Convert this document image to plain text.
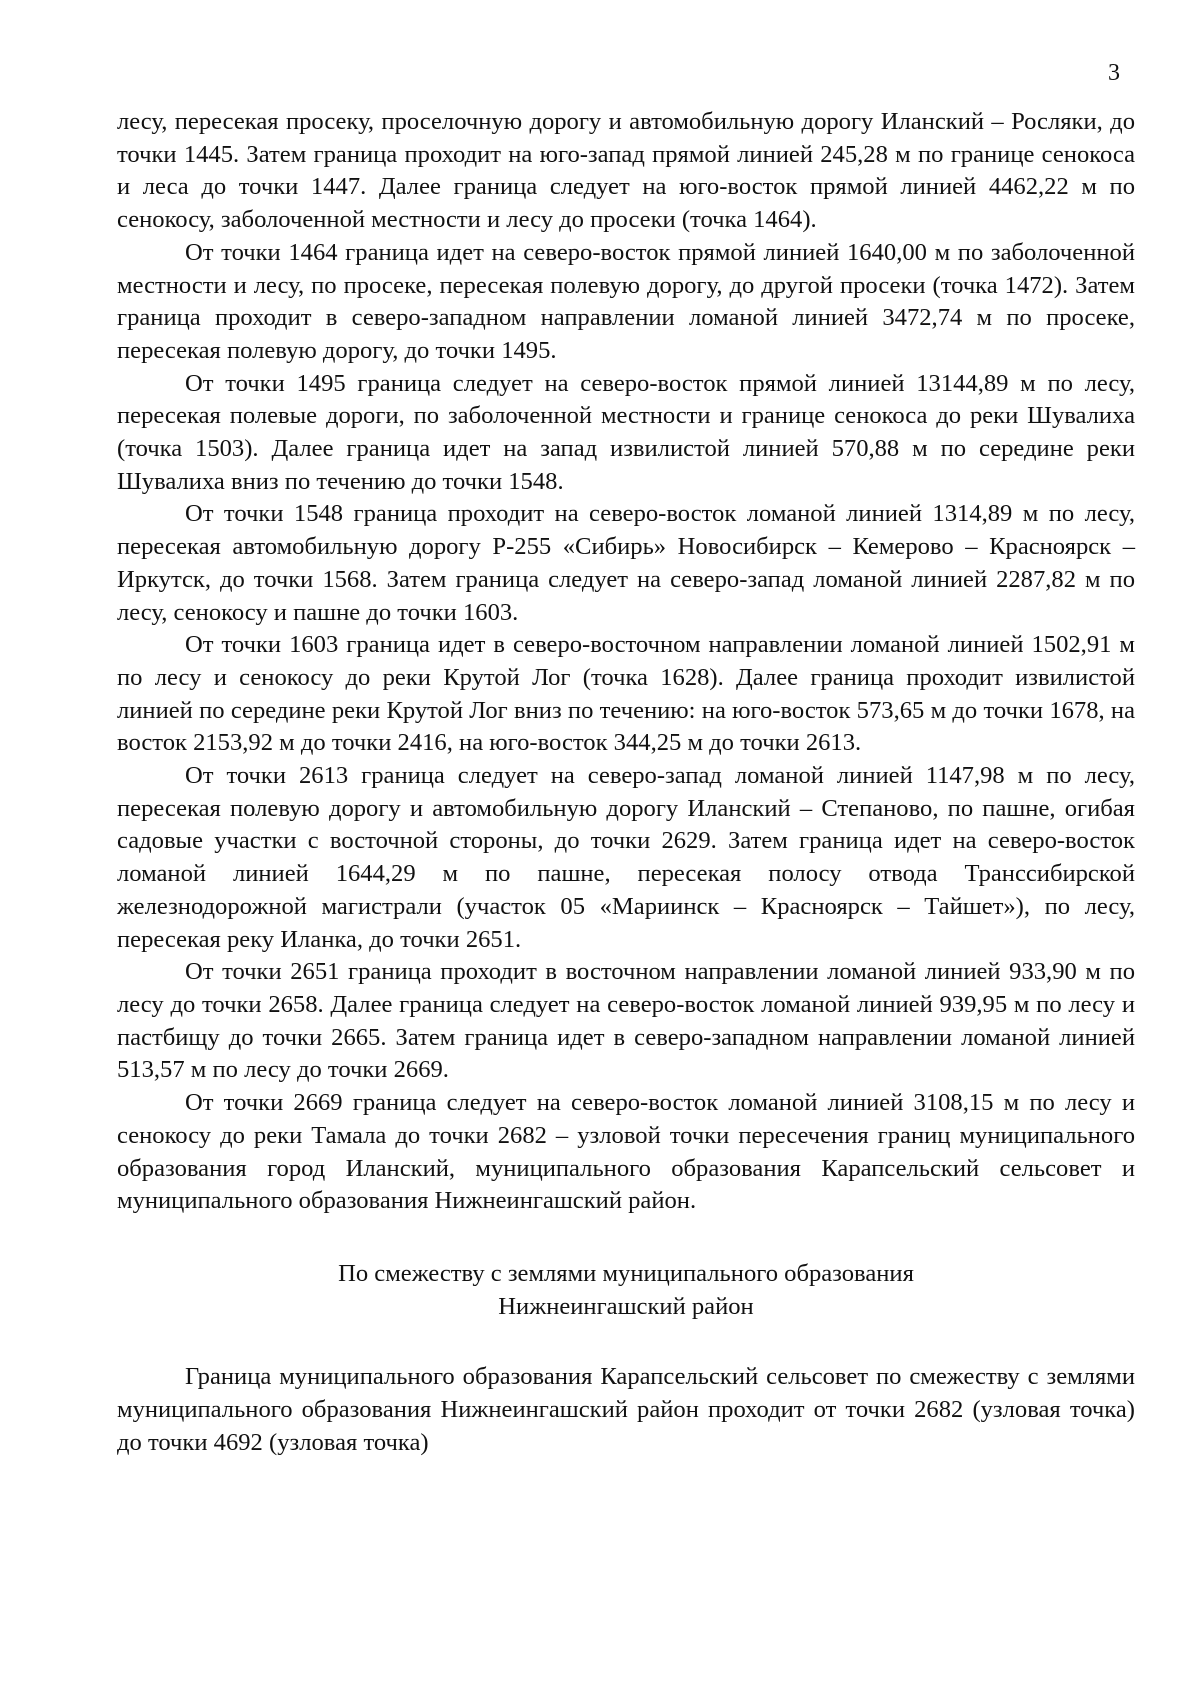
3

лесу, пересекая просеку, проселочную дорогу и автомобильную дорогу Иланский – Росляки, до точки 1445. Затем граница проходит на юго-запад прямой линией 245,28 м по границе сенокоса и леса до точки 1447. Далее граница следует на юго-восток прямой линией 4462,22 м по сенокосу, заболоченной местности и лесу до просеки (точка 1464).

От точки 1464 граница идет на северо-восток прямой линией 1640,00 м по заболоченной местности и лесу, по просеке, пересекая полевую дорогу, до другой просеки (точка 1472). Затем граница проходит в северо-западном направлении ломаной линией 3472,74 м по просеке, пересекая полевую дорогу, до точки 1495.

От точки 1495 граница следует на северо-восток прямой линией 13144,89 м по лесу, пересекая полевые дороги, по заболоченной местности и границе сенокоса до реки Шувалиха (точка 1503). Далее граница идет на запад извилистой линией 570,88 м по середине реки Шувалиха вниз по течению до точки 1548.

От точки 1548 граница проходит на северо-восток ломаной линией 1314,89 м по лесу, пересекая автомобильную дорогу Р-255 «Сибирь» Новосибирск – Кемерово – Красноярск – Иркутск, до точки 1568. Затем граница следует на северо-запад ломаной линией 2287,82 м по лесу, сенокосу и пашне до точки 1603.

От точки 1603 граница идет в северо-восточном направлении ломаной линией 1502,91 м по лесу и сенокосу до реки Крутой Лог (точка 1628). Далее граница проходит извилистой линией по середине реки Крутой Лог вниз по течению: на юго-восток 573,65 м до точки 1678, на восток 2153,92 м до точки 2416, на юго-восток 344,25 м до точки 2613.

От точки 2613 граница следует на северо-запад ломаной линией 1147,98 м по лесу, пересекая полевую дорогу и автомобильную дорогу Иланский – Степаново, по пашне, огибая садовые участки с восточной стороны, до точки 2629. Затем граница идет на северо-восток ломаной линией 1644,29 м по пашне, пересекая полосу отвода Транссибирской железнодорожной магистрали (участок 05 «Мариинск – Красноярск – Тайшет»), по лесу, пересекая реку Иланка, до точки 2651.

От точки 2651 граница проходит в восточном направлении ломаной линией 933,90 м по лесу до точки 2658. Далее граница следует на северо-восток ломаной линией 939,95 м по лесу и пастбищу до точки 2665. Затем граница идет в северо-западном направлении ломаной линией 513,57 м по лесу до точки 2669.

От точки 2669 граница следует на северо-восток ломаной линией 3108,15 м по лесу и сенокосу до реки Тамала до точки 2682 – узловой точки пересечения границ муниципального образования город Иланский, муниципального образования Карапсельский сельсовет и муниципального образования Нижнеингашский район.

По смежеству с землями муниципального образования
Нижнеингашский район

Граница муниципального образования Карапсельский сельсовет по смежеству с землями муниципального образования Нижнеингашский район проходит от точки 2682 (узловая точка) до точки 4692 (узловая точка)
